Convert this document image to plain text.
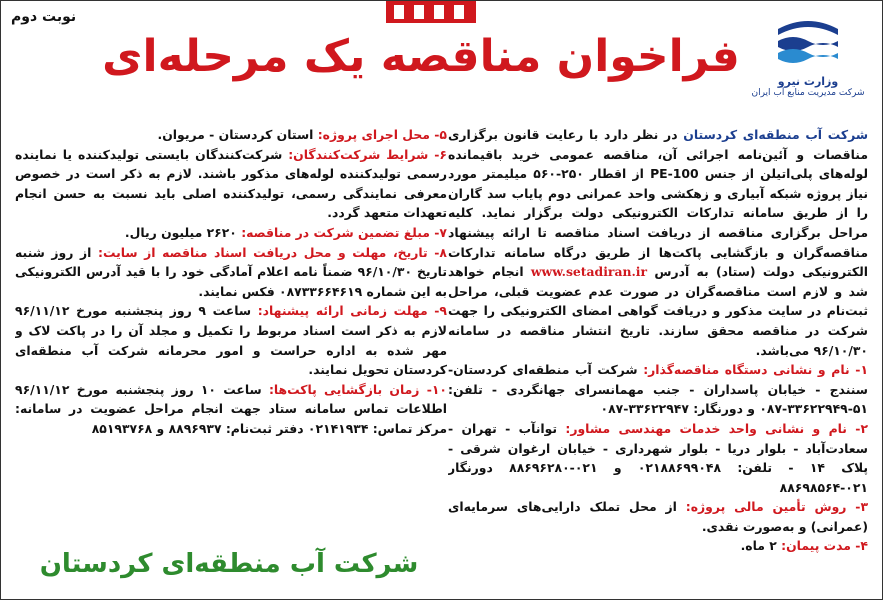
نوبت دوم
فراخوان مناقصه یک مرحله‌ای	وزارت نیرو
شرکت مدیریت منابع آب ایران

شرکت آب منطقه‌ای کردستان در نظر دارد با رعایت قانون برگزاری مناقصات و آئین‌نامه اجرائی آن، مناقصه عمومی خرید باقیمانده لوله‌های پلی‌اتیلن از جنس PE-100 از اقطار ۲۵۰-۵۶۰ میلیمتر مورد نیاز پروژه شبکه آبیاری و زهکشی واحد عمرانی دوم پایاب سد گاران را از طریق سامانه تدارکات الکترونیکی دولت برگزار نماید. کلیه مراحل برگزاری مناقصه از دریافت اسناد مناقصه تا ارائه پیشنهاد مناقصه‌گران و بازگشایی پاکت‌ها از طریق درگاه سامانه تدارکات الکترونیکی دولت (ستاد) به آدرس www.setadiran.ir انجام خواهد شد و لازم است مناقصه‌گران در صورت عدم عضویت قبلی، مراحل ثبت‌نام در سایت مذکور و دریافت گواهی امضای الکترونیکی را جهت شرکت در مناقصه محقق سازند. تاریخ انتشار مناقصه در سامانه ۹۶/۱۰/۳۰ می‌باشد.

۱- نام و نشانی دستگاه مناقصه‌گذار: شرکت آب منطقه‌ای کردستان- سنندج - خیابان پاسداران - جنب مهمانسرای جهانگردی - تلفن: ۵۱-۳۳۶۲۲۹۴۹-۰۸۷ و دورنگار: ۳۳۶۲۲۹۴۷-۰۸۷

۲- نام و نشانی واحد خدمات مهندسی مشاور: توانآب - تهران - سعادت‌آباد - بلوار دریا - بلوار شهرداری - خیابان ارغوان شرقی - پلاک ۱۴ - تلفن: ۰۲۱۸۸۶۹۹۰۴۸ و ۰۲۱-۸۸۶۹۶۲۸۰ دورنگار ۰۲۱-۸۸۶۹۸۵۶۴

۳- روش تأمین مالی پروژه: از محل تملک دارایی‌های سرمایه‌ای (عمرانی) و به‌صورت نقدی.

۴- مدت پیمان: ۲ ماه.

۵- محل اجرای پروژه: استان کردستان - مریوان.

۶- شرایط شرکت‌کنندگان: شرکت‌کنندگان بایستی تولیدکننده یا نماینده رسمی تولیدکننده لوله‌های مذکور باشند. لازم به ذکر است در خصوص معرفی نمایندگی رسمی، تولیدکننده اصلی باید نسبت به حسن انجام تعهدات متعهد گردد.

۷- مبلغ تضمین شرکت در مناقصه: ۲۶۲۰ میلیون ریال.

۸- تاریخ، مهلت و محل دریافت اسناد مناقصه از سایت: از روز شنبه تاریخ ۹۶/۱۰/۳۰ ضمناً نامه اعلام آمادگی خود را با قید آدرس الکترونیکی به این شماره ۰۸۷۳۳۶۶۴۶۱۹ فکس نمایند.

۹- مهلت زمانی ارائه پیشنهاد: ساعت ۹ روز پنجشنبه مورخ ۹۶/۱۱/۱۲ لازم به ذکر است اسناد مربوط را تکمیل و مجلد آن را در پاکت لاک و مهر شده به اداره حراست و امور محرمانه شرکت آب منطقه‌ای کردستان تحویل نمایند.

۱۰- زمان بازگشایی پاکت‌ها: ساعت ۱۰ روز پنجشنبه مورخ ۹۶/۱۱/۱۲ اطلاعات تماس سامانه ستاد جهت انجام مراحل عضویت در سامانه: مرکز تماس: ۰۲۱۴۱۹۳۴ دفتر ثبت‌نام: ۸۸۹۶۹۳۷ و ۸۵۱۹۳۷۶۸

شرکت آب منطقه‌ای کردستان
